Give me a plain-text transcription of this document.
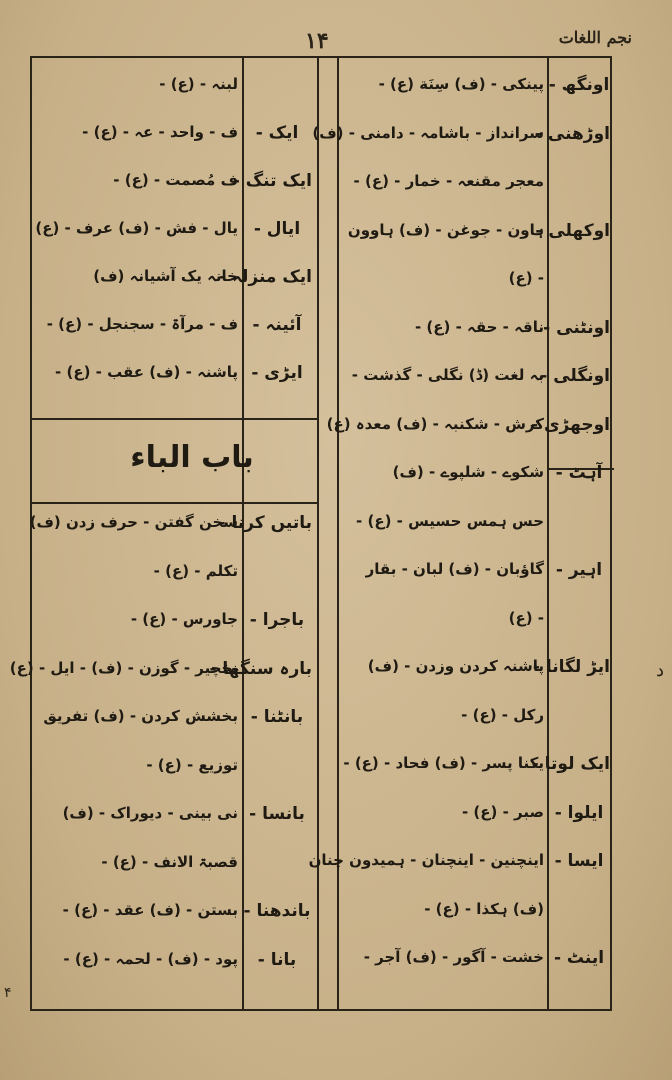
نجم اللغات
۱۴
د
۴
اونگھ -
پینکی - (ف) سِنَة (ع) -
اوڑھنی -
سرانداز - باشامہ - دامنی - (ف)
معجر مقنعہ - خمار - (ع) -
اوکھلی -
ہاون - جوغن - (ف) ہاوون
- (ع)
اونٹنی -
ناقہ - حقہ - (ع) -
اونگلی -
بہ لغت (ڈ) نگلی - گذشت -
اوجھڑی -
کرش - شکنبہ - (ف) معدہ (ع)
آہٹ -
شکوے - شلپوے - (ف)
حس ہمس حسیس - (ع) -
اہیر -
گاؤبان - (ف) لبان - بقار
- (ع)
ایڑ لگانا -
پاشنہ کردن وزدن - (ف)
رکل - (ع) -
ایک لوتا -
یکنا پسر - (ف) فحاد - (ع) -
ایلوا -
صبر - (ع) -
ایسا -
اینچنین - اینچنان - ہمیدون چنان
(ف) ہکذا - (ع) -
اینٹ -
خشت - آگور - (ف) آجر -
لبنہ - (ع) -
ایک -
ف - واحد - عہ - (ع) -
ایک تنگ -
ف مُصمت - (ع) -
ایال -
یال - فش - (ف) عرف - (ع)
ایک منزلہ -
خانہ یک آشیانہ (ف)
آئینہ -
ف - مرآۃ - سجنجل - (ع) -
ایڑی -
پاشنہ - (ف) عقب - (ع) -
باب الباء
باتیں کرنا -
سخن گفتن - حرف زدن (ف)
تکلم - (ع) -
باجرا -
جاورس - (ع) -
بارہ سنگھا -
نخچیر - گوزن - (ف) - ایل - (ع)
بانٹنا -
بخشش کردن - (ف) تفریق
توزیع - (ع) -
بانسا -
نی بینی - دیوراک - (ف)
قصبۃ الانف - (ع) -
باندھنا -
بستن - (ف) عقد - (ع) -
بانا -
پود - (ف) - لحمہ - (ع) -
